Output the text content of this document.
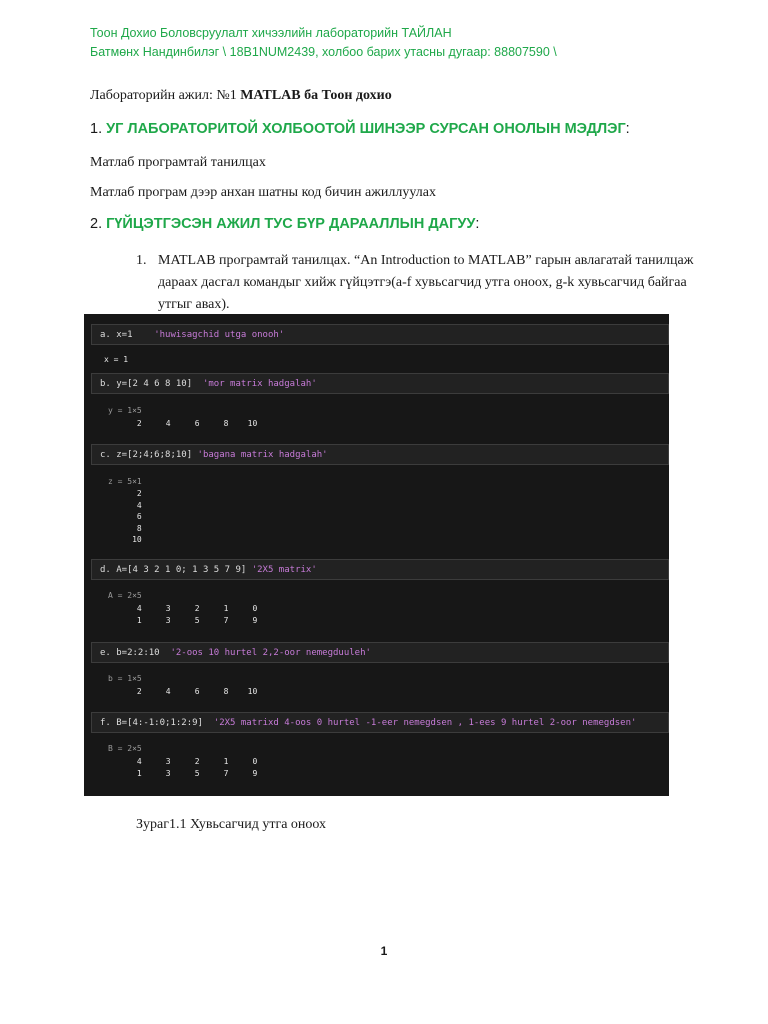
Тоон Дохио Боловсруулалт хичээлийн лабораторийн ТАЙЛАН
Батмөнх Нандинбилэг \ 18B1NUM2439, холбоо барих утасны дугаар: 88807590 \
Лабораторийн ажил: №1 MATLAB ба Тоон дохио
1. УГ ЛАБОРАТОРИТОЙ ХОЛБООТОЙ ШИНЭЭР СУРСАН ОНОЛЫН МЭДЛЭГ:
Матлаб програмтай танилцах
Матлаб програм дээр анхан шатны код бичин ажиллуулах
2. ГҮЙЦЭТГЭСЭН АЖИЛ ТУС БҮР ДАРААЛЛЫН ДАГУУ:
1. MATLAB програмтай танилцах. “An Introduction to MATLAB” гарын авлагатай танилцаж дараах дасгал командыг хийж гүйцэтгэ(a-f хувьсагчид утга оноох, g-k хувьсагчид байгаа утгыг авах).
a. x=1    'huwisagchid utga onooh'
x = 1
b. y=[2 4 6 8 10]  'mor matrix hadgalah'
y = 1×5
2     4     6     8    10
c. z=[2;4;6;8;10] 'bagana matrix hadgalah'
z = 5×1
2
4
6
8
10
d. A=[4 3 2 1 0; 1 3 5 7 9] '2X5 matrix'
A = 2×5
4     3     2     1     0
1     3     5     7     9
e. b=2:2:10  '2-oos 10 hurtel 2,2-oor nemegduuleh'
b = 1×5
2     4     6     8    10
f. B=[4:-1:0;1:2:9]  '2X5 matrixd 4-oos 0 hurtel -1-eer nemegdsen , 1-ees 9 hurtel 2-oor nemegdsen'
B = 2×5
4     3     2     1     0
1     3     5     7     9
Зураг1.1 Хувьсагчид утга оноох
1
